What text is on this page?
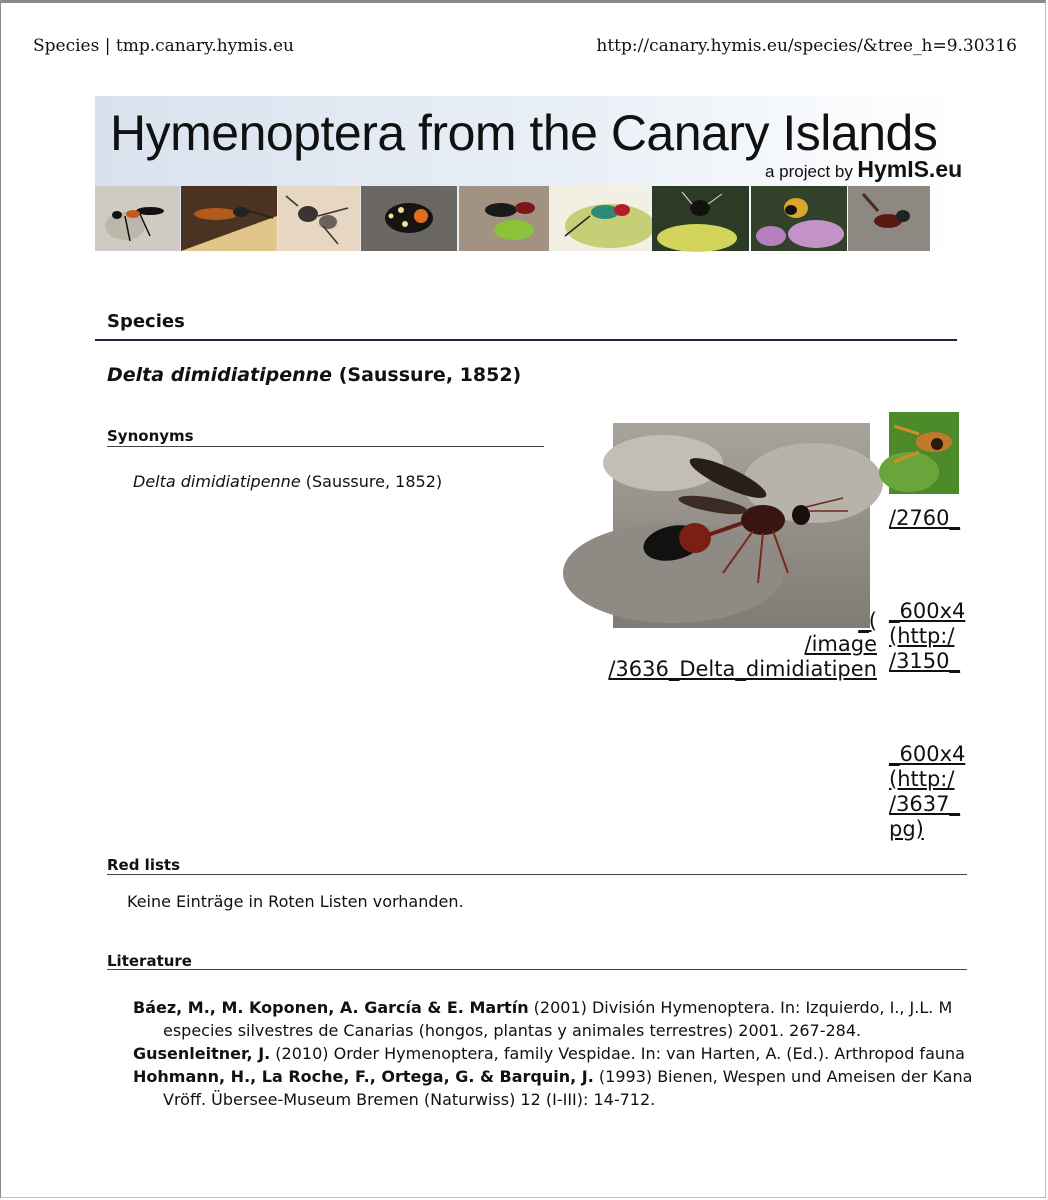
Species | tmp.canary.hymis.eu	http://canary.hymis.eu/species/&tree_h=9.30316
Hymenoptera from the Canary Islands
a project by HymIS.eu
Species
Delta dimidiatipenne (Saussure, 1852)
Synonyms
Delta dimidiatipenne (Saussure, 1852)
_(
/image
/3636_Delta_dimidiatipen
/2760_
_600x4
(http:/
/3150_
_600x4
(http:/
/3637_
pg)
Red lists
Keine Einträge in Roten Listen vorhanden.
Literature
Báez, M., M. Koponen, A. García & E. Martín (2001) División Hymenoptera. In: Izquierdo, I., J.L. M
especies silvestres de Canarias (hongos, plantas y animales terrestres) 2001. 267-284.
Gusenleitner, J. (2010) Order Hymenoptera, family Vespidae. In: van Harten, A. (Ed.). Arthropod fauna
Hohmann, H., La Roche, F., Ortega, G. & Barquin, J. (1993) Bienen, Wespen und Ameisen der Kana
Vröff. Übersee-Museum Bremen (Naturwiss) 12 (I-III): 14-712.
